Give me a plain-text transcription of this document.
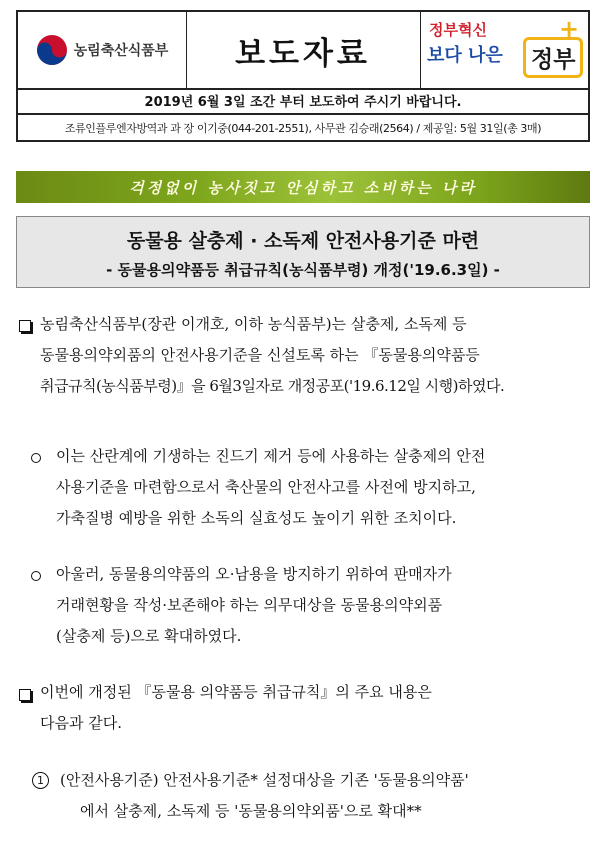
농림축산식품부 보도자료
정부혁신
보다 나은	정부
+
2019년 6월 3일 조간 부터 보도하여 주시기 바랍니다.
조류인플루엔자방역과 과 장 이기중(044-201-2551), 사무관 김승래(2564) / 제공일: 5월 31일(총 3매)
걱정없이 농사짓고 안심하고 소비하는 나라
동물용 살충제 · 소독제 안전사용기준 마련
- 동물용의약품등 취급규칙(농식품부령) 개정('19.6.3일) -
농림축산식품부(장관 이개호, 이하 농식품부)는 살충제, 소독제 등
동물용의약외품의 안전사용기준을 신설토록 하는 『동물용의약품등
취급규칙(농식품부령)』을 6월3일자로 개정공포('19.6.12일 시행)하였다.
이는 산란계에 기생하는 진드기 제거 등에 사용하는 살충제의 안전
사용기준을 마련함으로서 축산물의 안전사고를 사전에 방지하고,
가축질병 예방을 위한 소독의 실효성도 높이기 위한 조치이다.
아울러, 동물용의약품의 오·남용을 방지하기 위하여 판매자가
거래현황을 작성·보존해야 하는 의무대상을 동물용의약외품
(살충제 등)으로 확대하였다.
이번에 개정된 『동물용 의약품등 취급규칙』의 주요 내용은
다음과 같다.
1	(안전사용기준) 안전사용기준* 설정대상을 기존 '동물용의약품'
에서 살충제, 소독제 등 '동물용의약외품'으로 확대**
